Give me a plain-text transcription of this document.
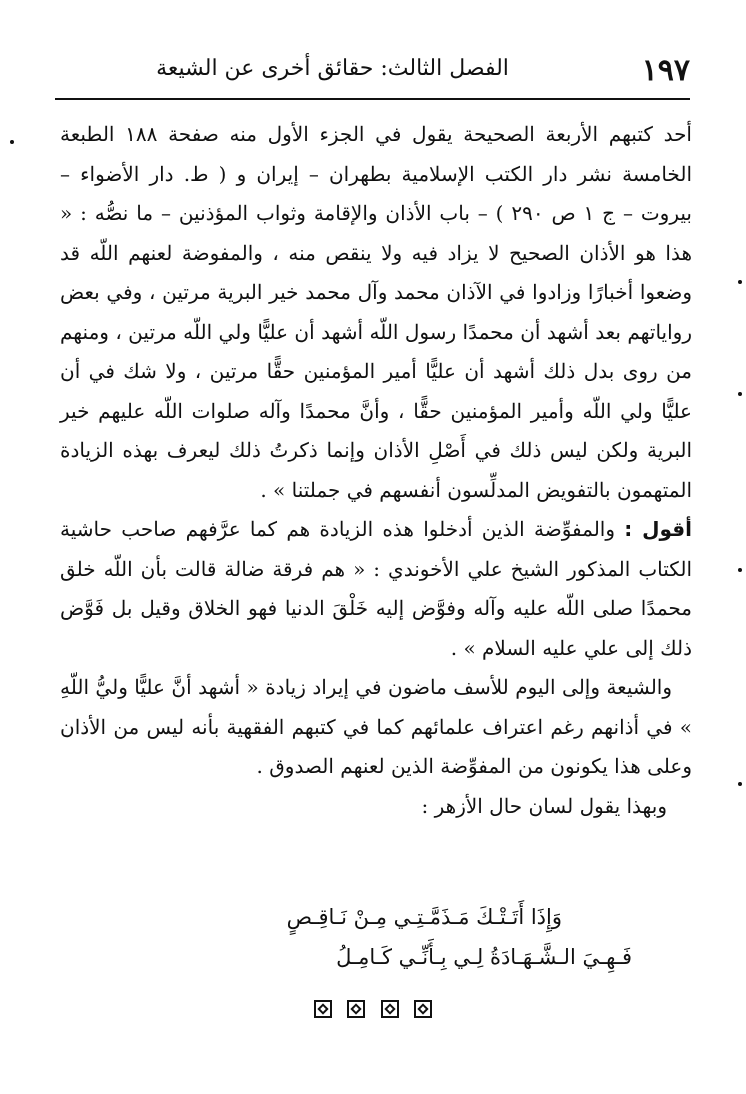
١٩٧
الفصل الثالث: حقائق أخرى عن الشيعة

أحد كتبهم الأربعة الصحيحة يقول في الجزء الأول منه صفحة ١٨٨ الطبعة الخامسة نشر دار الكتب الإسلامية بطهران – إيران و ( ط. دار الأضواء – بيروت – ج ١ ص ٢٩٠ ) – باب الأذان والإقامة وثواب المؤذنين – ما نصُّه : « هذا هو الأذان الصحيح لا يزاد فيه ولا ينقص منه ، والمفوضة لعنهم اللّه قد وضعوا أخبارًا وزادوا في الآذان محمد وآل محمد خير البرية مرتين ، وفي بعض رواياتهم بعد أشهد أن محمدًا رسول اللّه أشهد أن عليًّا ولي اللّه مرتين ، ومنهم من روى بدل ذلك أشهد أن عليًّا أمير المؤمنين حقًّا مرتين ، ولا شك في أن عليًّا ولي اللّه وأمير المؤمنين حقًّا ، وأنَّ محمدًا وآله صلوات اللّه عليهم خير البرية ولكن ليس ذلك في أَصْلِ الأذان وإنما ذكرتُ ذلك ليعرف بهذه الزيادة المتهمون بالتفويض المدلِّسون أنفسهم في جملتنا » .

أقول : والمفوِّضة الذين أدخلوا هذه الزيادة هم كما عرَّفهم صاحب حاشية الكتاب المذكور الشيخ علي الأخوندي : « هم فرقة ضالة قالت بأن اللّه خلق محمدًا صلى اللّه عليه وآله وفوَّض إليه خَلْقَ الدنيا فهو الخلاق وقيل بل فَوَّض ذلك إلى علي عليه السلام » .

والشيعة وإلى اليوم للأسف ماضون في إيراد زيادة « أشهد أنَّ عليًّا وليُّ اللّهِ » في أذانهم رغم اعتراف علمائهم كما في كتبهم الفقهية بأنه ليس من الأذان وعلى هذا يكونون من المفوِّضة الذين لعنهم الصدوق .

وبهذا يقول لسان حال الأزهر :

وَإِذَا أَتَـتْـكَ مَـذَمَّـتِـي مِـنْ نَـاقِـصٍ
فَـهِـيَ الـشَّـهَـادَةُ لِـي بِـأَنِّـي كَـامِـلُ
